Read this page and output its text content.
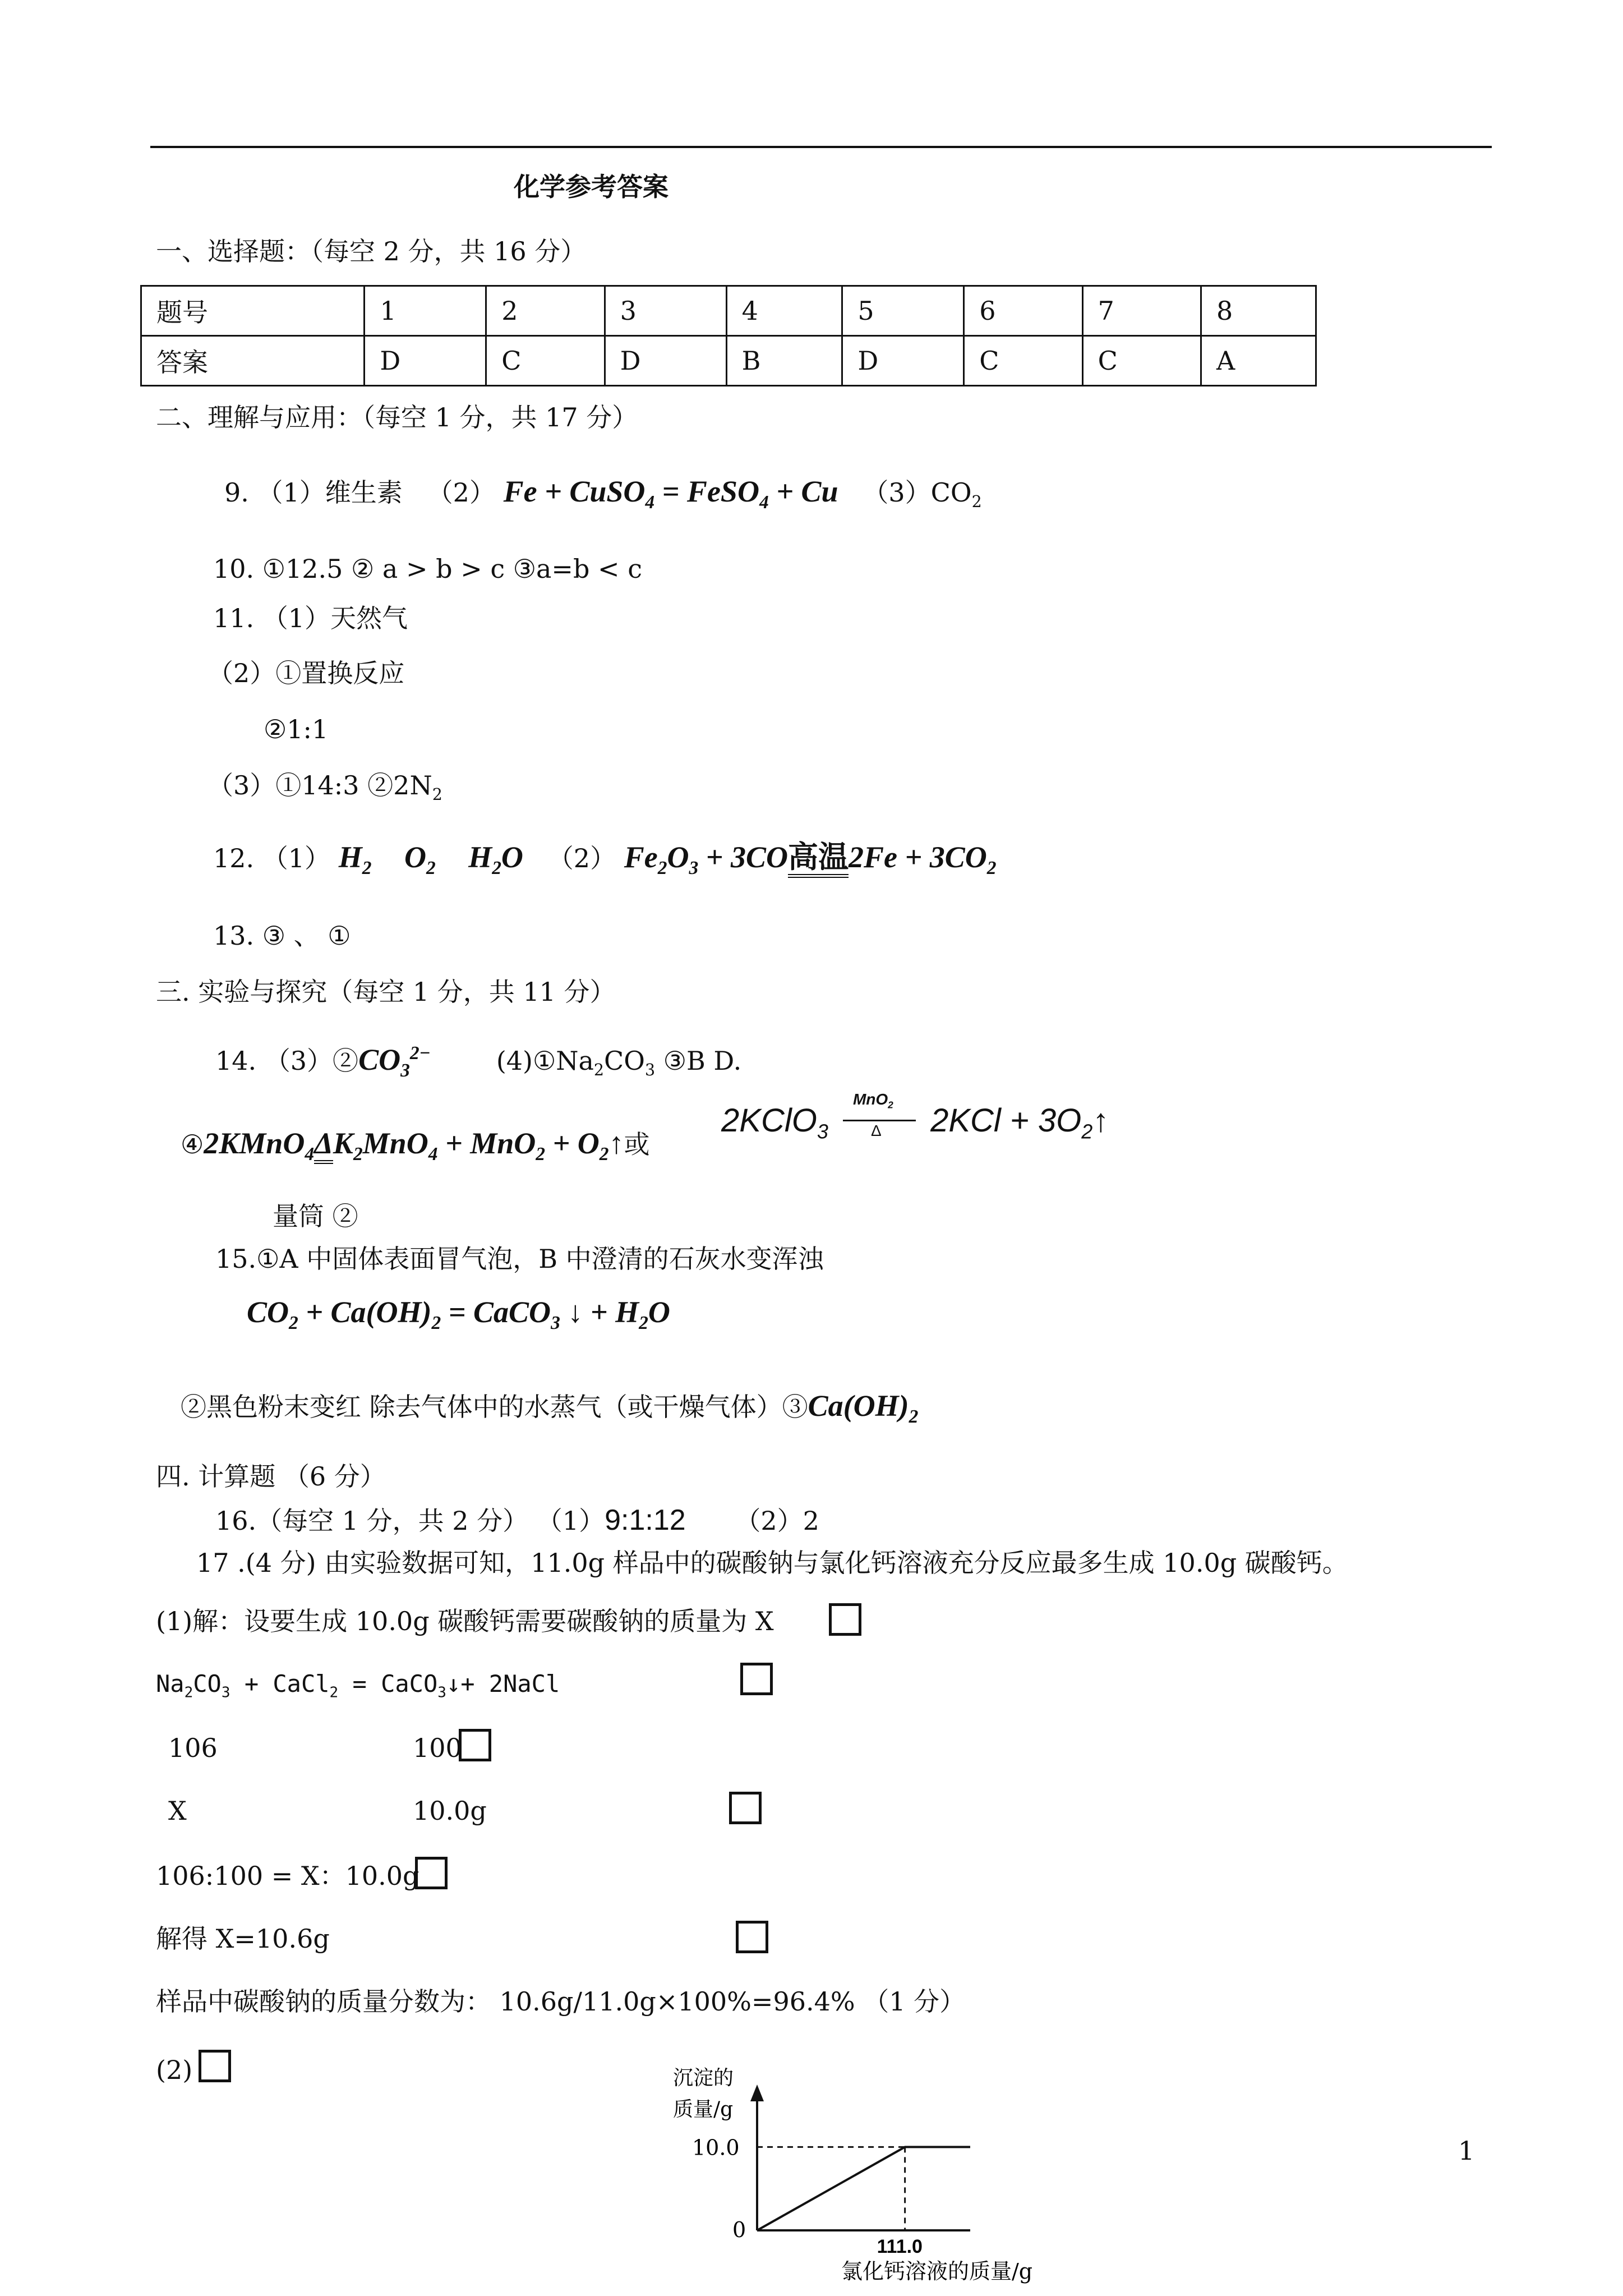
化学参考答案
一、选择题：（每空 2 分，共 16 分）
题号	1	2	3	4	5	6	7	8
答案	D	C	D	B	D	C	C	A
二、理解与应用：（每空 1 分，共 17 分）
9. （1）维生素 （2） Fe + CuSO$_4$ = FeSO$_4$ + Cu $(3)CO_2$
10. ①12.5 ② a > b > c ③a=b < c
11. （1）天然气
（2）①置换反应
②1:1
（3）①14:3 $②2N_2$
12. （1） $H_2$ $O_2$ $H_2O$ （2） $Fe_2O_3 + 3CO$高温$2Fe + 3CO_2$
13. ③ 、 ①
三. 实验与探究（每空 1 分，共 11 分）
14. $(3)②CO_3^{2-}$	$(4)①Na_2CO_3$ ③B D.
$④2KMnO_4\Delta K_2MnO_4 + MnO_2$ + $O_2↑$或
2KClO$_3$
MnO$_2$
Δ $2KCl + 3O_2↑$
量筒 ②
15.①A 中固体表面冒气泡，B 中澄清的石灰水变浑浊
$CO_2 + Ca(OH)_2$ = CaCO$_3$ ↓ + $H_2O$
②黑色粉末变红 除去气体中的水蒸气（或干燥气体）$③Ca(OH)_2$
四. 计算题 （6 分）
16.（每空 1 分，共 2 分） （1）9:1:12 （2）2
17 .(4 分) 由实验数据可知，11.0g 样品中的碳酸钠与氯化钙溶液充分反应最多生成 10.0g 碳酸钙。
(1)解：设要生成 10.0g 碳酸钙需要碳酸钠的质量为 X
$Na_2CO_3$ + CaCl$_2$ = CaCO$_3$↓+ 2NaCl
106	100
X	10.0g
106:100 = X：10.0g
解得 X=10.6g
样品中碳酸钠的质量分数为： 10.6g/11.0g×100%=96.4% （1 分）
(2)	沉淀的
质量/g
10.0
0
111.0
氯化钙溶液的质量/g
1
